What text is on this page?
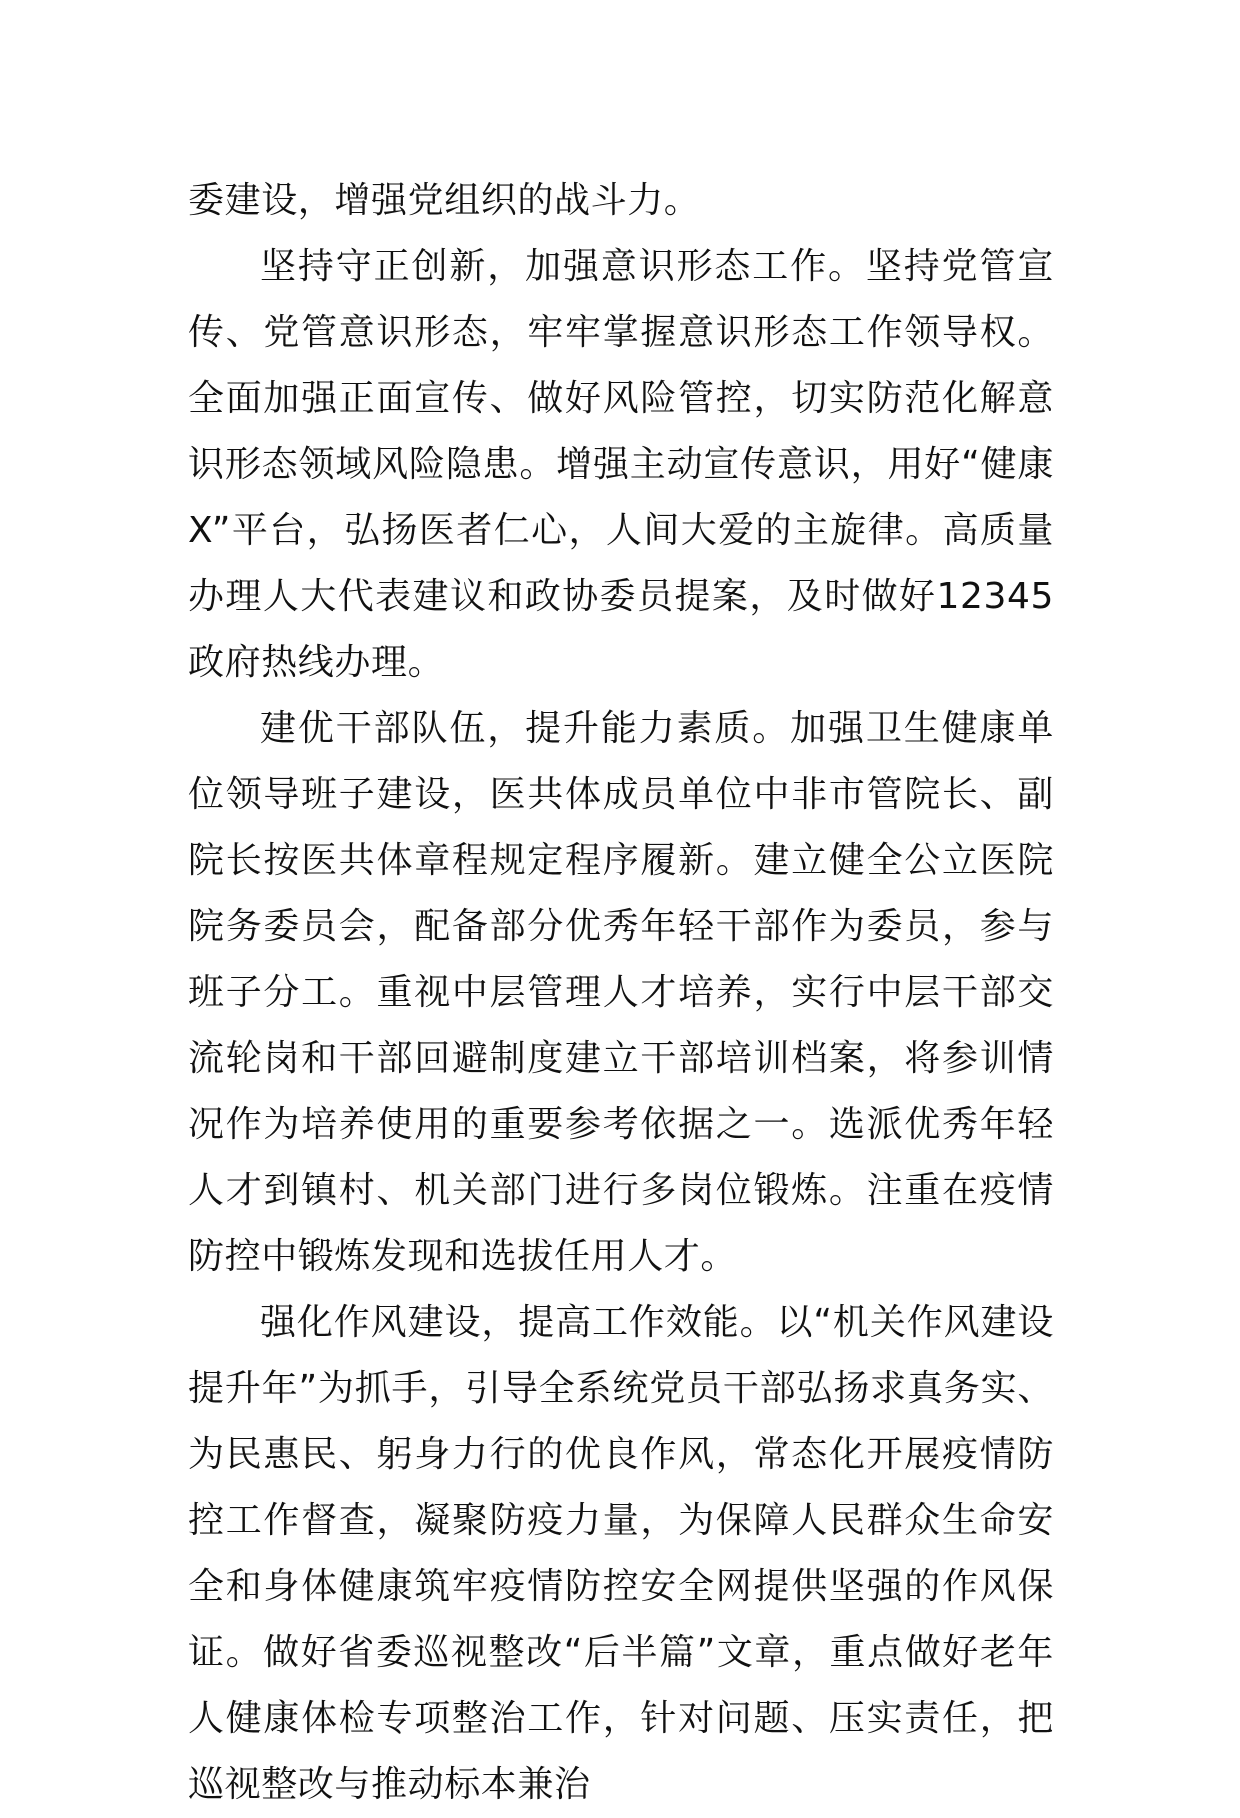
委建设，增强党组织的战斗力。

坚持守正创新，加强意识形态工作。坚持党管宣传、党管意识形态，牢牢掌握意识形态工作领导权。全面加强正面宣传、做好风险管控，切实防范化解意识形态领域风险隐患。增强主动宣传意识，用好“健康X”平台，弘扬医者仁心，人间大爱的主旋律。高质量办理人大代表建议和政协委员提案，及时做好12345政府热线办理。

建优干部队伍，提升能力素质。加强卫生健康单位领导班子建设，医共体成员单位中非市管院长、副院长按医共体章程规定程序履新。建立健全公立医院院务委员会，配备部分优秀年轻干部作为委员，参与班子分工。重视中层管理人才培养，实行中层干部交流轮岗和干部回避制度建立干部培训档案，将参训情况作为培养使用的重要参考依据之一。选派优秀年轻人才到镇村、机关部门进行多岗位锻炼。注重在疫情防控中锻炼发现和选拔任用人才。

强化作风建设，提高工作效能。以“机关作风建设提升年”为抓手，引导全系统党员干部弘扬求真务实、为民惠民、躬身力行的优良作风，常态化开展疫情防控工作督查，凝聚防疫力量，为保障人民群众生命安全和身体健康筑牢疫情防控安全网提供坚强的作风保证。做好省委巡视整改“后半篇”文章，重点做好老年人健康体检专项整治工作，针对问题、压实责任，把巡视整改与推动标本兼治
